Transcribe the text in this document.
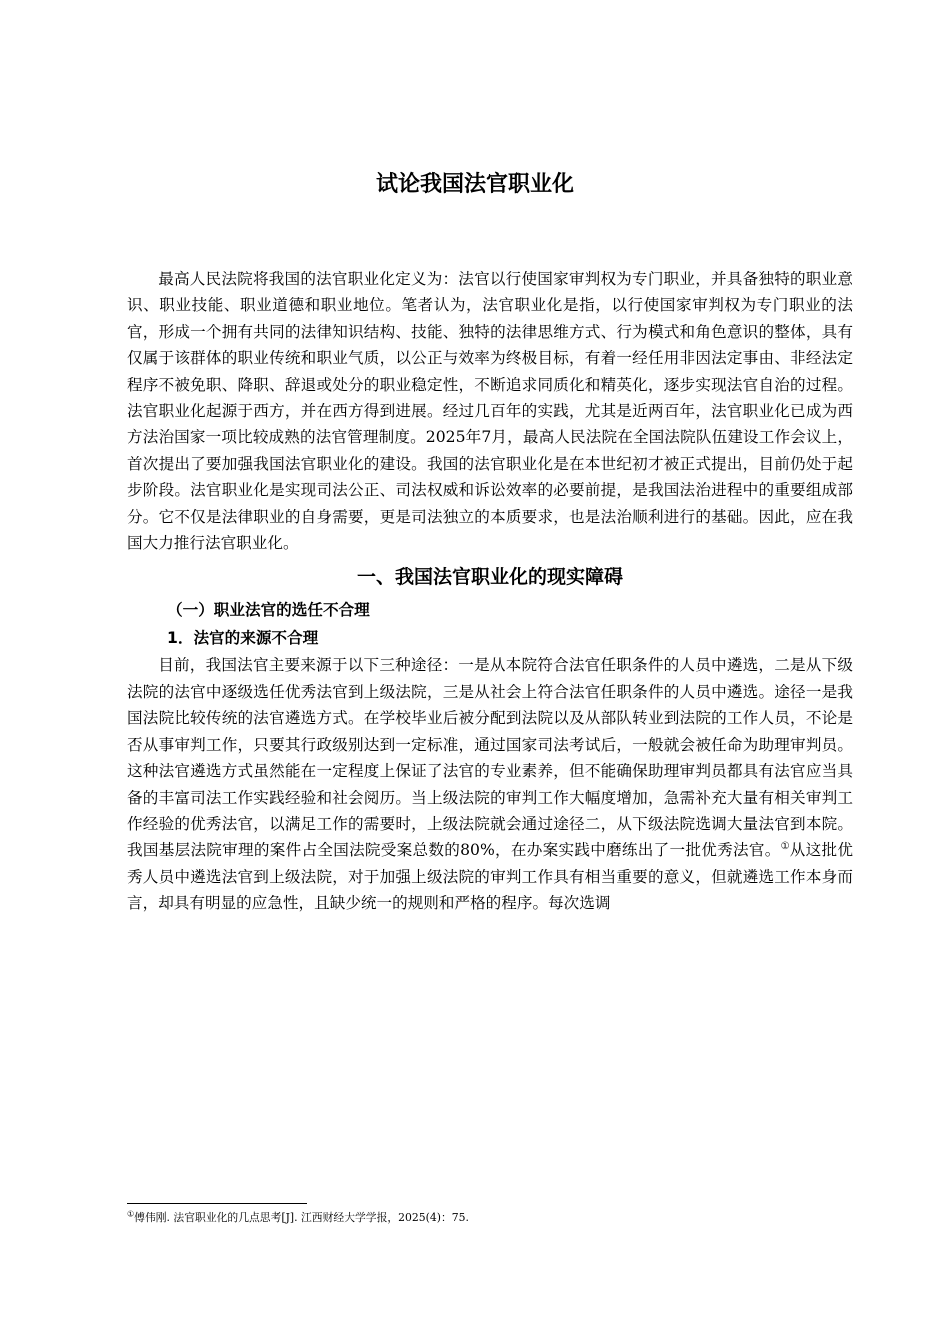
试论我国法官职业化

最高人民法院将我国的法官职业化定义为：法官以行使国家审判权为专门职业，并具备独特的职业意识、职业技能、职业道德和职业地位。笔者认为，法官职业化是指，以行使国家审判权为专门职业的法官，形成一个拥有共同的法律知识结构、技能、独特的法律思维方式、行为模式和角色意识的整体，具有仅属于该群体的职业传统和职业气质，以公正与效率为终极目标，有着一经任用非因法定事由、非经法定程序不被免职、降职、辞退或处分的职业稳定性，不断追求同质化和精英化，逐步实现法官自治的过程。法官职业化起源于西方，并在西方得到进展。经过几百年的实践，尤其是近两百年，法官职业化已成为西方法治国家一项比较成熟的法官管理制度。2025年7月，最高人民法院在全国法院队伍建设工作会议上，首次提出了要加强我国法官职业化的建设。我国的法官职业化是在本世纪初才被正式提出，目前仍处于起步阶段。法官职业化是实现司法公正、司法权威和诉讼效率的必要前提，是我国法治进程中的重要组成部分。它不仅是法律职业的自身需要，更是司法独立的本质要求，也是法治顺利进行的基础。因此，应在我国大力推行法官职业化。

一、我国法官职业化的现实障碍
（一）职业法官的选任不合理
1．法官的来源不合理

目前，我国法官主要来源于以下三种途径：一是从本院符合法官任职条件的人员中遴选，二是从下级法院的法官中逐级选任优秀法官到上级法院，三是从社会上符合法官任职条件的人员中遴选。途径一是我国法院比较传统的法官遴选方式。在学校毕业后被分配到法院以及从部队转业到法院的工作人员，不论是否从事审判工作，只要其行政级别达到一定标准，通过国家司法考试后，一般就会被任命为助理审判员。这种法官遴选方式虽然能在一定程度上保证了法官的专业素养，但不能确保助理审判员都具有法官应当具备的丰富司法工作实践经验和社会阅历。当上级法院的审判工作大幅度增加，急需补充大量有相关审判工作经验的优秀法官，以满足工作的需要时，上级法院就会通过途径二，从下级法院选调大量法官到本院。我国基层法院审理的案件占全国法院受案总数的80%，在办案实践中磨练出了一批优秀法官。①从这批优秀人员中遴选法官到上级法院，对于加强上级法院的审判工作具有相当重要的意义，但就遴选工作本身而言，却具有明显的应急性，且缺少统一的规则和严格的程序。每次选调

①傅伟刚. 法官职业化的几点思考[J]. 江西财经大学学报，2025(4)：75.
